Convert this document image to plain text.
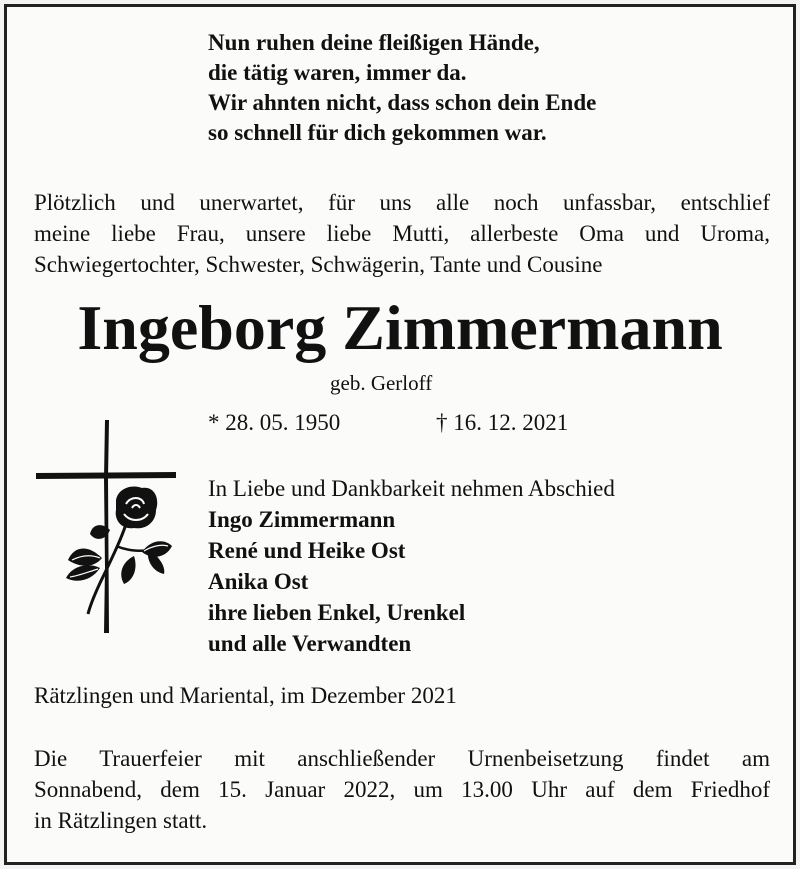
Nun ruhen deine fleißigen Hände,
die tätig waren, immer da.
Wir ahnten nicht, dass schon dein Ende
so schnell für dich gekommen war.
Plötzlich und unerwartet, für uns alle noch unfassbar, entschlief
meine liebe Frau, unsere liebe Mutti, allerbeste Oma und Uroma,
Schwiegertochter, Schwester, Schwägerin, Tante und Cousine
Ingeborg Zimmermann
geb. Gerloff
* 28. 05. 1950	† 16. 12. 2021
In Liebe und Dankbarkeit nehmen Abschied
Ingo Zimmermann
René und Heike Ost
Anika Ost
ihre lieben Enkel, Urenkel
und alle Verwandten
Rätzlingen und Mariental, im Dezember 2021
Die Trauerfeier mit anschließender Urnenbeisetzung findet am
Sonnabend, dem 15. Januar 2022, um 13.00 Uhr auf dem Friedhof
in Rätzlingen statt.
